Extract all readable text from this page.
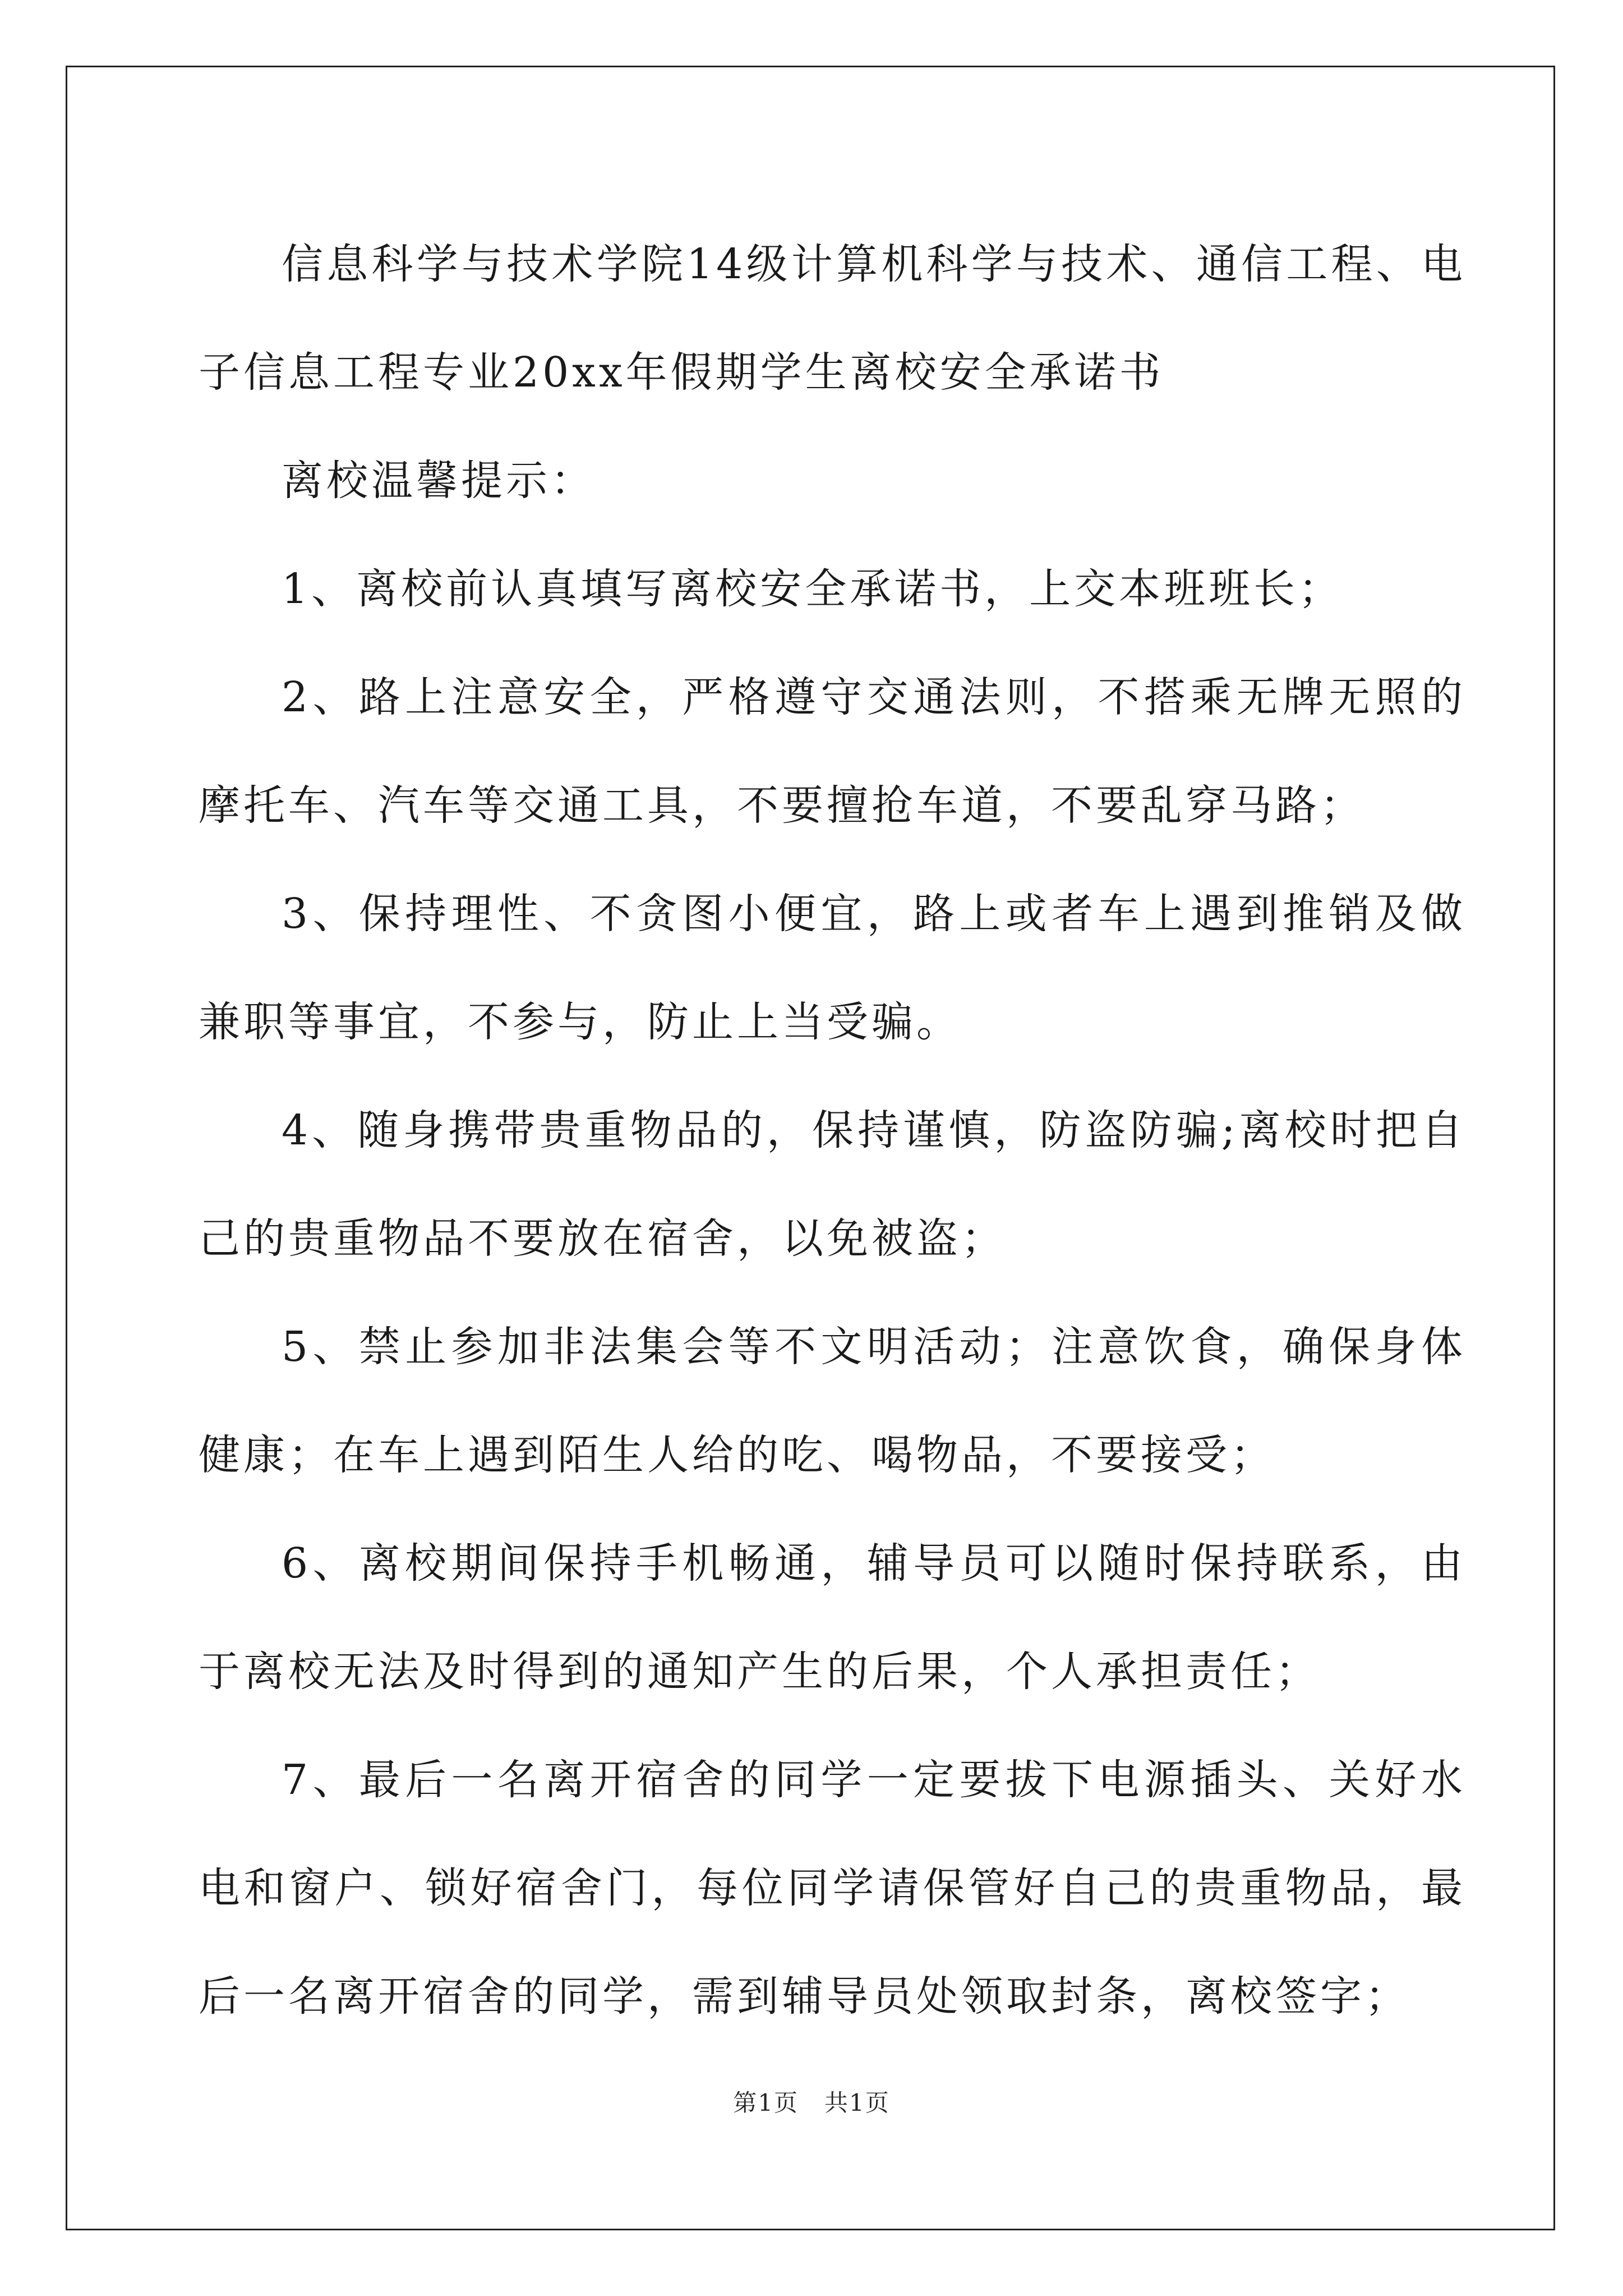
信息科学与技术学院14级计算机科学与技术、通信工程、电子信息工程专业20xx年假期学生离校安全承诺书

离校温馨提示：

1、离校前认真填写离校安全承诺书，上交本班班长；

2、路上注意安全，严格遵守交通法则，不搭乘无牌无照的摩托车、汽车等交通工具，不要擅抢车道，不要乱穿马路；

3、保持理性、不贪图小便宜，路上或者车上遇到推销及做兼职等事宜，不参与，防止上当受骗。

4、随身携带贵重物品的，保持谨慎，防盗防骗;离校时把自己的贵重物品不要放在宿舍，以免被盗；

5、禁止参加非法集会等不文明活动；注意饮食，确保身体健康；在车上遇到陌生人给的吃、喝物品，不要接受；

6、离校期间保持手机畅通，辅导员可以随时保持联系，由于离校无法及时得到的通知产生的后果，个人承担责任；

7、最后一名离开宿舍的同学一定要拔下电源插头、关好水电和窗户、锁好宿舍门，每位同学请保管好自己的贵重物品，最后一名离开宿舍的同学，需到辅导员处领取封条，离校签字；

第1页 共1页
